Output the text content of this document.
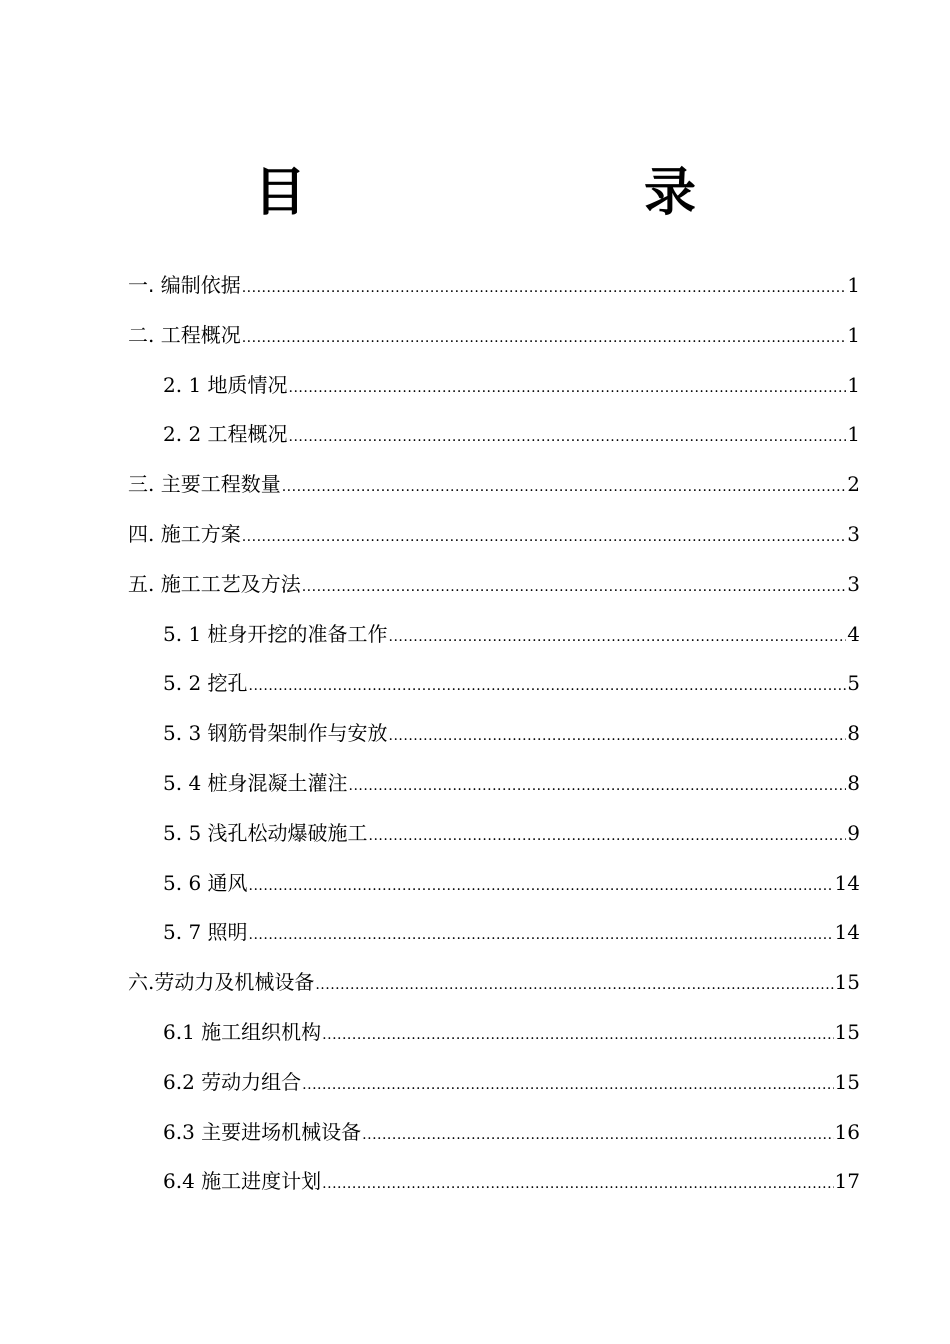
目　　录
一. 编制依据 .....	1
二. 工程概况 .....	1
2. 1 地质情况 .....	1
2. 2 工程概况 .....	1
三. 主要工程数量 .....	2
四. 施工方案 .....	3
五. 施工工艺及方法 .....	3
5. 1 桩身开挖的准备工作 .....	4
5. 2 挖孔 .....	5
5. 3 钢筋骨架制作与安放 .....	8
5. 4 桩身混凝土灌注 .....	8
5. 5 浅孔松动爆破施工 .....	9
5. 6 通风 .....	14
5. 7 照明 .....	14
六.劳动力及机械设备 .....	15
6.1 施工组织机构 .....	15
6.2 劳动力组合 .....	15
6.3 主要进场机械设备 .....	16
6.4 施工进度计划 .....	17
